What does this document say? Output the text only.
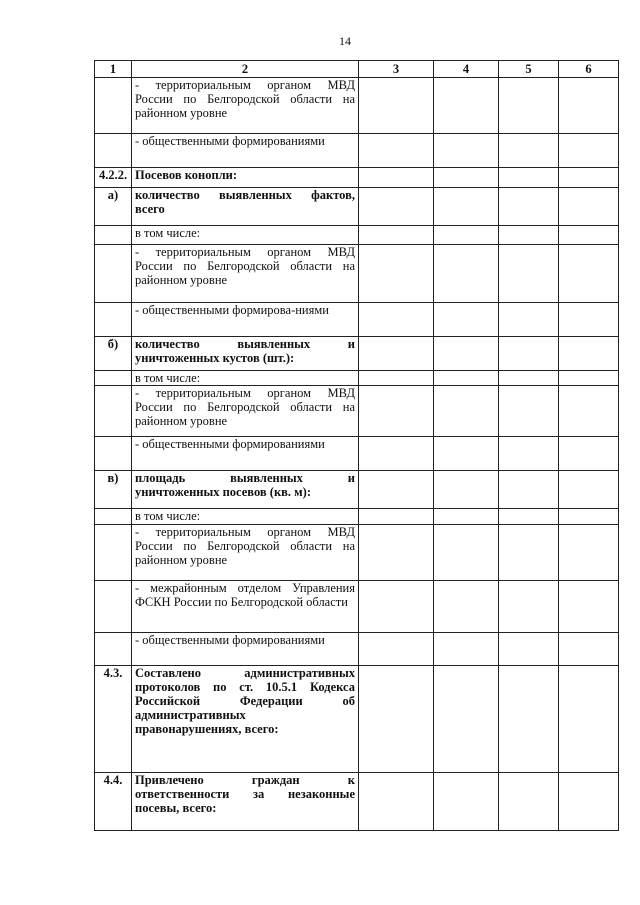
14
1	2	3	4	5	6

	- территориальным органом МВД России по Белгородской области на районном уровне				

	- общественными формированиями				

4.2.2.	Посевов конопли:				

а)	количество выявленных фактов, всего				

	в том числе:				

	- территориальным органом МВД России по Белгородской области на районном уровне				

	- общественными формирова-ниями				

б)	количество выявленных и уничтоженных кустов (шт.):				

	в том числе:				

	- территориальным органом МВД России по Белгородской области на районном уровне				

	- общественными формированиями				

в)	площадь выявленных и уничтоженных посевов (кв. м):				

	в том числе:				

	- территориальным органом МВД России по Белгородской области на районном уровне				

	- межрайонным отделом Управления ФСКН России по Белгородской области				

	- общественными формированиями				

4.3.	Составлено административных протоколов по ст. 10.5.1 Кодекса Российской Федерации об административных правонарушениях, всего:				

4.4.	Привлечено граждан к ответственности за незаконные посевы, всего:				
